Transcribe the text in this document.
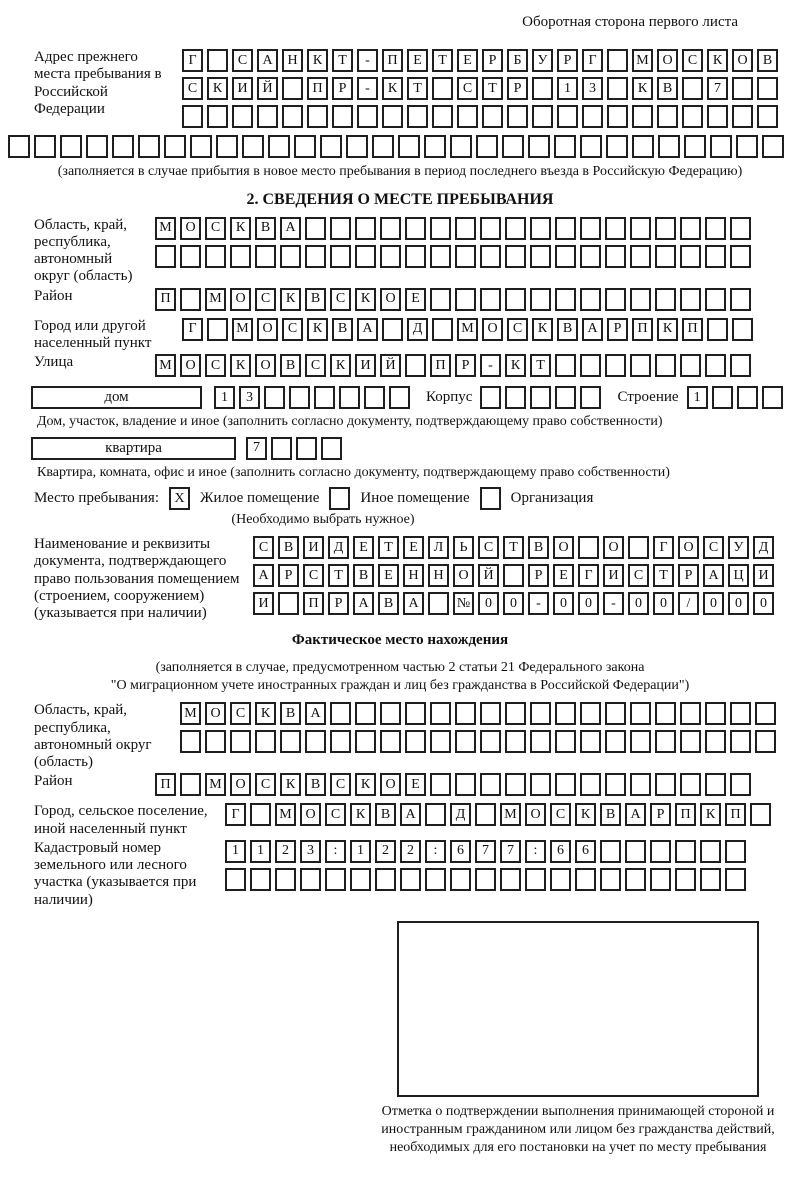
Оборотная сторона первого листа
Адрес прежнего места пребывания в Российской Федерации
Г	С	А	Н	К	Т	-	П	Е	Т	Е	Р	Б	У	Р	Г	М О	С	К	О	В
С	К	И	Й	П	Р	-	К	Т	С	Т	Р	1	3	К	В	7
(заполняется в случае прибытия в новое место пребывания в период последнего въезда в Российскую Федерацию)
2. СВЕДЕНИЯ О МЕСТЕ ПРЕБЫВАНИЯ
Область, край, республика, автономный округ (область)
М О	С	К	В	А
Район	П	М О	С	К	В	С	К	О	Е
Город или другой населенный пункт
Г	М О	С	К	В	А	Д	М О	С	К	В	А	Р	П	К	П
Улица	М О	С	К	О	В	С	К	И	Й	П	Р	-	К	Т
дом	1	3	Корпус	Строение	1
Дом, участок, владение и иное (заполнить согласно документу, подтверждающему право собственности)
квартира	7
Квартира, комната, офис и иное (заполнить согласно документу, подтверждающему право собственности)
Место пребывания:	X	Жилое помещение	Иное помещение	Организация
(Необходимо выбрать нужное)
Наименование и реквизиты документа, подтверждающего право пользования помещением (строением, сооружением) (указывается при наличии)
С	В	И	Д	Е	Т	Е	Л	Ь	С	Т	В	О	О	Г	О	С	У	Д
А	Р	С	Т	В	Е	Н	Н	О	Й	Р	Е	Г	И	С	Т	Р	А	Ц	И
И	П	Р	А	В	А	№	0	0	-	0	0	-	0	0	/	0	0	0
Фактическое место нахождения
(заполняется в случае, предусмотренном частью 2 статьи 21 Федерального закона
"О миграционном учете иностранных граждан и лиц без гражданства в Российской Федерации")
Область, край, республика, автономный округ (область)
М О	С	К	В	А
Район	П	М О	С	К	В	С	К	О	Е
Город, сельское поселение, иной населенный пункт
Г	М О	С	К	В	А	Д	М О	С	К	В	А	Р	П	К	П
Кадастровый номер земельного или лесного участка (указывается при наличии)
1	1	2	3	:	1	2	2	:	6	7	7	:	6	6
Отметка о подтверждении выполнения принимающей стороной и иностранным гражданином или лицом без гражданства действий, необходимых для его постановки на учет по месту пребывания
